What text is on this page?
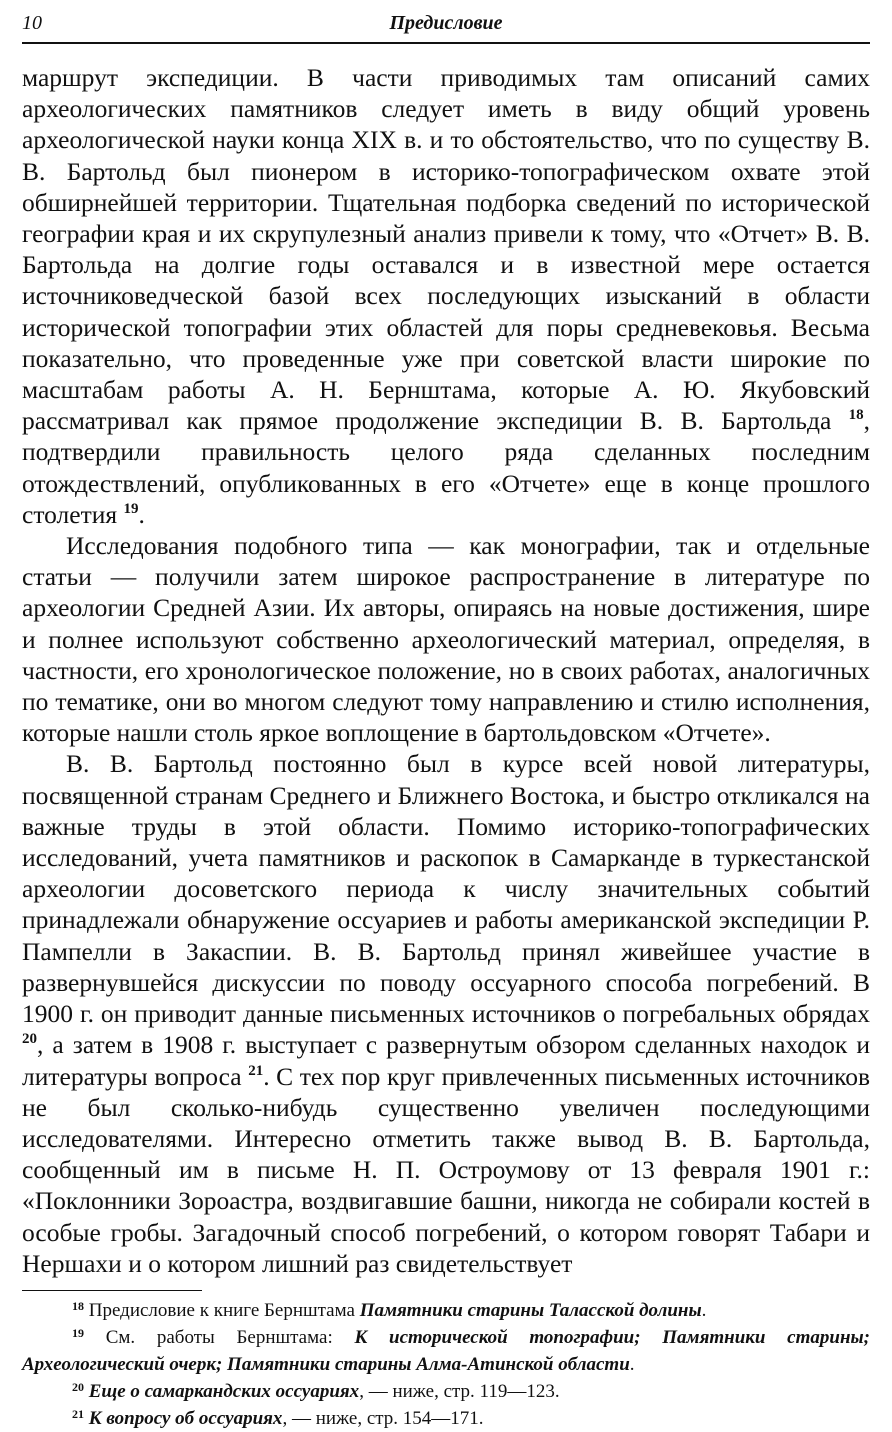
10	Предисловие

маршрут экспедиции. В части приводимых там описаний самих археологических памятников следует иметь в виду общий уровень археологической науки конца XIX в. и то обстоятельство, что по существу В. В. Бартольд был пионером в историко-топографическом охвате этой обширнейшей территории. Тщательная подборка сведений по исторической географии края и их скрупулезный анализ привели к тому, что «Отчет» В. В. Бартольда на долгие годы оставался и в известной мере остается источниковедческой базой всех последующих изысканий в области исторической топографии этих областей для поры средневековья. Весьма показательно, что проведенные уже при советской власти широкие по масштабам работы А. Н. Бернштама, которые А. Ю. Якубовский рассматривал как прямое продолжение экспедиции В. В. Бартольда $^{18}$, подтвердили правильность целого ряда сделанных последним отождествлений, опубликованных в его «Отчете» еще в конце прошлого столетия $^{19}$.

Исследования подобного типа — как монографии, так и отдельные статьи — получили затем широкое распространение в литературе по археологии Средней Азии. Их авторы, опираясь на новые достижения, шире и полнее используют собственно археологический материал, определяя, в частности, его хронологическое положение, но в своих работах, аналогичных по тематике, они во многом следуют тому направлению и стилю исполнения, которые нашли столь яркое воплощение в бартольдовском «Отчете».

В. В. Бартольд постоянно был в курсе всей новой литературы, посвященной странам Среднего и Ближнего Востока, и быстро откликался на важные труды в этой области. Помимо историко-топографических исследований, учета памятников и раскопок в Самарканде в туркестанской археологии досоветского периода к числу значительных событий принадлежали обнаружение оссуариев и работы американской экспедиции Р. Пампелли в Закаспии. В. В. Бартольд принял живейшее участие в развернувшейся дискуссии по поводу оссуарного способа погребений. В 1900 г. он приводит данные письменных источников о погребальных обрядах $^{20}$, а затем в 1908 г. выступает с развернутым обзором сделанных находок и литературы вопроса $^{21}$. С тех пор круг привлеченных письменных источников не был сколько-нибудь существенно увеличен последующими исследователями. Интересно отметить также вывод В. В. Бартольда, сообщенный им в письме Н. П. Остроумову от 13 февраля 1901 г.: «Поклонники Зороастра, воздвигавшие башни, никогда не собирали костей в особые гробы. Загадочный способ погребений, о котором говорят Табари и Нершахи и о котором лишний раз свидетельствует

$^{18}$ Предисловие к книге Бернштама Памятники старины Таласской долины.

$^{19}$ См. работы Бернштама: К исторической топографии; Памятники старины; Археологический очерк; Памятники старины Алма-Атинской области.

$^{20}$ Еще о самаркандских оссуариях, — ниже, стр. 119—123.

$^{21}$ К вопросу об оссуариях, — ниже, стр. 154—171.
